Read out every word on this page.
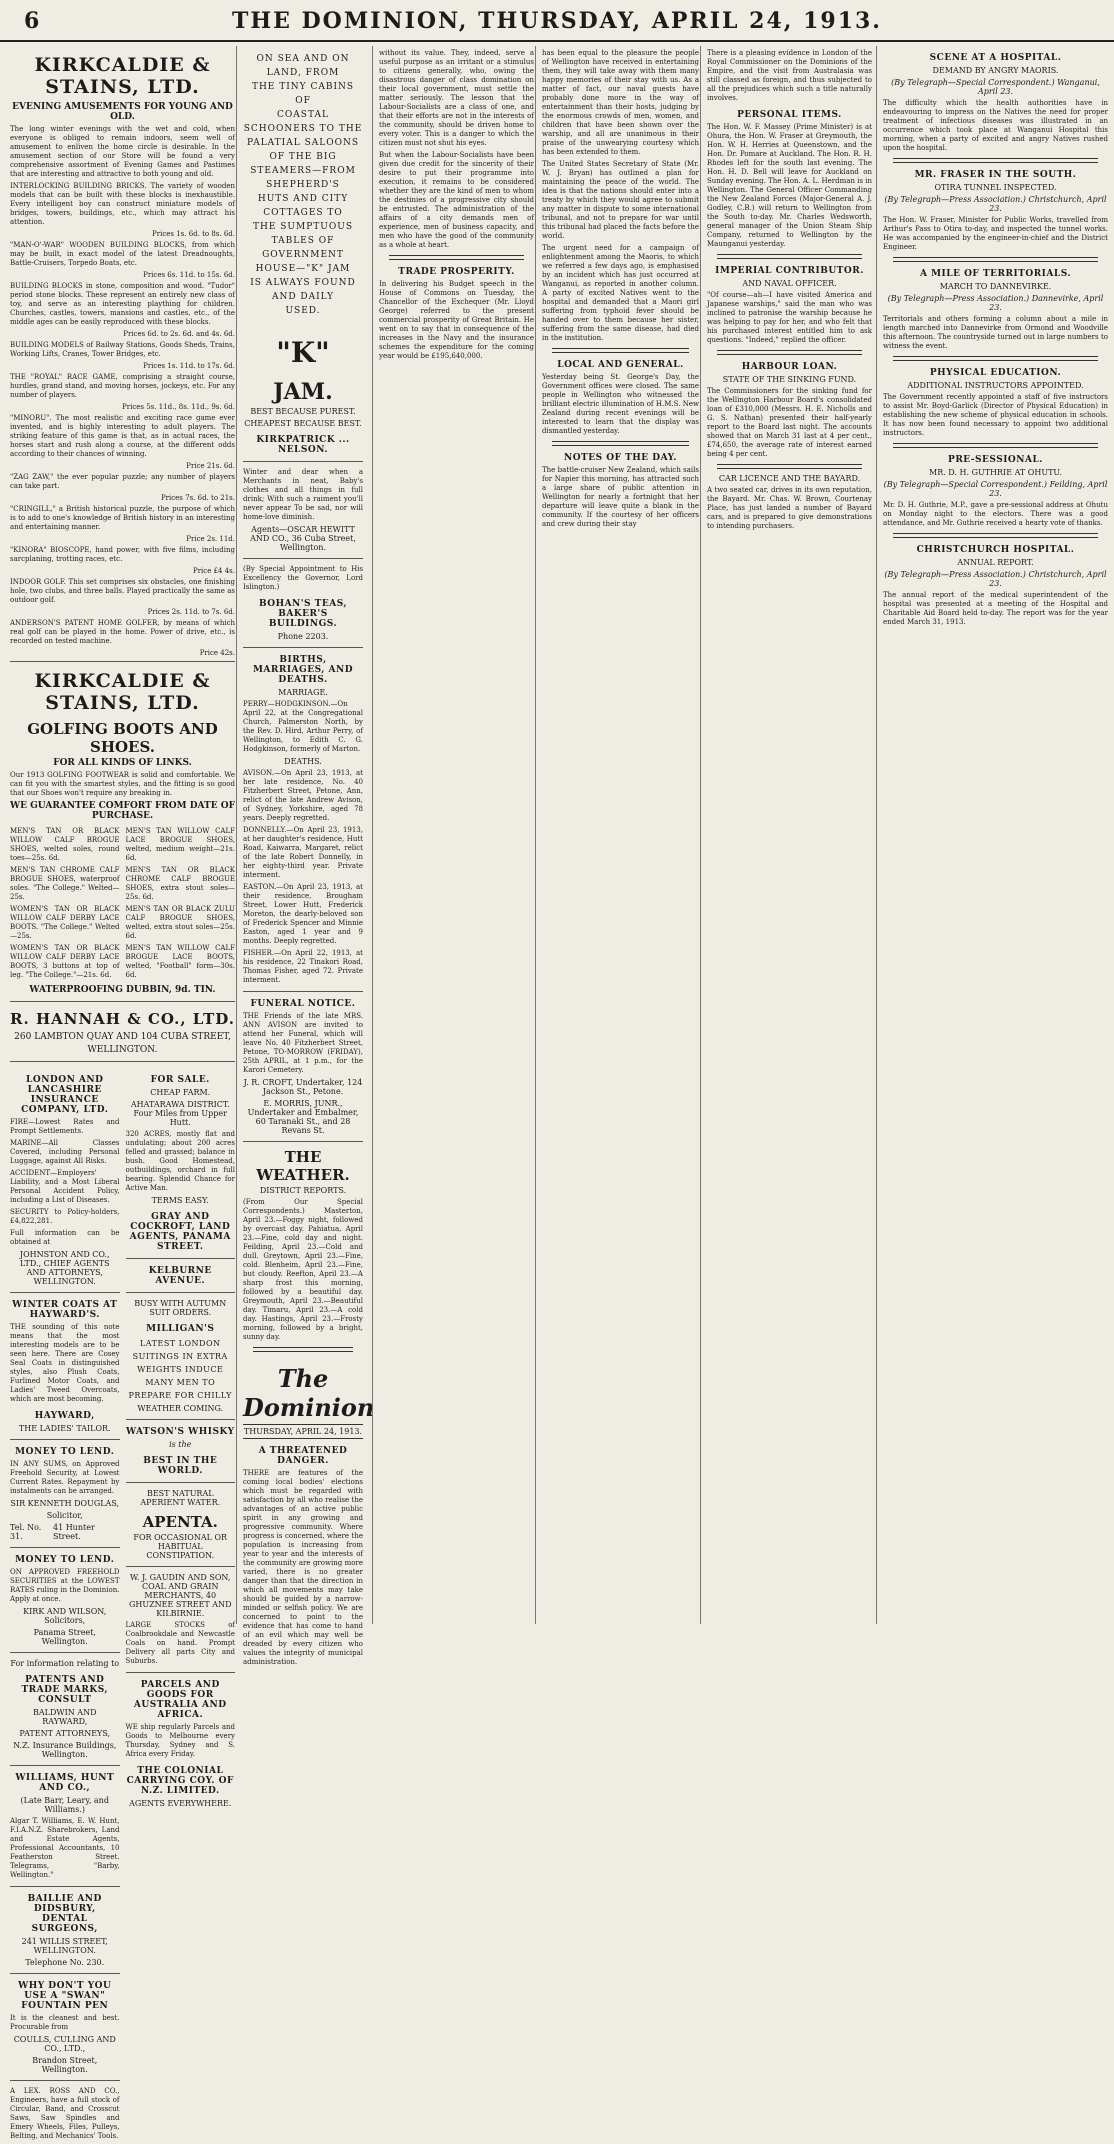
6	THE DOMINION, THURSDAY, APRIL 24, 1913.
KIRKCALDIE & STAINS, LTD.
EVENING AMUSEMENTS FOR YOUNG AND OLD.
The long winter evenings with the wet and cold, when everyone is obliged to remain indoors, seem well of amusement to enliven the home circle is desirable. In the amusement section of our Store will be found a very comprehensive assortment of Evening Games and Pastimes that are interesting and attractive to both young and old.
INTERLOCKING BUILDING BRICKS. The variety of wooden models that can be built with these blocks is inexhaustible. Every intelligent boy can construct miniature models of bridges, towers, buildings, etc., which may attract his attention.
Prices 1s. 6d. to 8s. 6d.
"MAN-O'-WAR" WOODEN BUILDING BLOCKS, from which may be built, in exact model of the latest Dreadnoughts, Battle-Cruisers, Torpedo Boats, etc.
Prices 6s. 11d. to 15s. 6d.
BUILDING BLOCKS in stone, composition and wood. "Tudor" period stone blocks. These represent an entirely new class of toy, and serve as an interesting plaything for children. Churches, castles, towers, mansions and castles, etc., of the middle ages can be easily reproduced with these blocks.
Prices 6d. to 2s. 6d. and 4s. 6d.
BUILDING MODELS of Railway Stations, Goods Sheds, Trains, Working Lifts, Cranes, Tower Bridges, etc.
Prices 1s. 11d. to 17s. 6d.
THE "ROYAL" RACE GAME, comprising a straight course, hurdles, grand stand, and moving horses, jockeys, etc. For any number of players.
Prices 5s. 11d., 8s. 11d., 9s. 6d.
"MINORU". The most realistic and exciting race game ever invented, and is highly interesting to adult players. The striking feature of this game is that, as in actual races, the horses start and rush along a course, at the different odds according to their chances of winning.
Price 21s. 6d.
"ZAG ZAW," the ever popular puzzle; any number of players can take part.
Prices 7s. 6d. to 21s.
"CRINGILL," a British historical puzzle, the purpose of which is to add to one's knowledge of British history in an interesting and entertaining manner.
Price 2s. 11d.
"KINORA" BIOSCOPE, hand power, with five films, including sarcplaning, trotting races, etc.
Price £4 4s.
INDOOR GOLF. This set comprises six obstacles, one finishing hole, two clubs, and three balls. Played practically the same as outdoor golf.
Prices 2s. 11d. to 7s. 6d.
ANDERSON'S PATENT HOME GOLFER, by means of which real golf can be played in the home. Power of drive, etc., is recorded on tested machine.
Price 42s.
KIRKCALDIE & STAINS, LTD.
GOLFING BOOTS AND SHOES.
FOR ALL KINDS OF LINKS.
Our 1913 GOLFING FOOTWEAR is solid and comfortable. We can fit you with the smartest styles, and the fitting is so good that our Shoes won't require any breaking in.
WE GUARANTEE COMFORT FROM DATE OF PURCHASE.
MEN'S TAN OR BLACK WILLOW CALF BROGUE SHOES, welted soles, round toes—25s. 6d.
MEN'S TAN CHROME CALF BROGUE SHOES, waterproof soles. "The College." Welted—25s.
WOMEN'S TAN OR BLACK WILLOW CALF DERBY LACE BOOTS. "The College." Welted—25s.
WOMEN'S TAN OR BLACK WILLOW CALF DERBY LACE BOOTS, 3 buttons at top of leg. "The College."—21s. 6d.
MEN'S TAN WILLOW CALF LACE BROGUE SHOES, welted, medium weight—21s. 6d.
MEN'S TAN OR BLACK CHROME CALF BROGUE SHOES, extra stout soles—25s. 6d.
MEN'S TAN OR BLACK ZULU CALF BROGUE SHOES, welted, extra stout soles—25s. 6d.
MEN'S TAN WILLOW CALF BROGUE LACE BOOTS, welted, "Football" form—30s. 6d.
WATERPROOFING DUBBIN, 9d. TIN.
R. HANNAH & CO., LTD.
260 LAMBTON QUAY AND 104 CUBA STREET,
WELLINGTON.
LONDON AND LANCASHIRE INSURANCE COMPANY, LTD.
FIRE—Lowest Rates and Prompt Settlements.
MARINE—All Classes Covered, including Personal Luggage, against All Risks.
ACCIDENT—Employers' Liability, and a Most Liberal Personal Accident Policy, including a List of Diseases.
SECURITY to Policy-holders, £4,822,281.
Full information can be obtained at
JOHNSTON AND CO., LTD., CHIEF AGENTS AND ATTORNEYS, WELLINGTON.
WINTER COATS AT HAYWARD'S.
THE sounding of this note means that the most interesting models are to be seen here. There are Cosey Seal Coats in distinguished styles, also Plush Coats, Furlined Motor Coats, and Ladies' Tweed Overcoats, which are most becoming.
HAYWARD,
THE LADIES' TAILOR.
MONEY TO LEND.
IN ANY SUMS, on Approved Freehold Security, at Lowest Current Rates. Repayment by instalments can be arranged.
SIR KENNETH DOUGLAS,
Solicitor,
Tel. No. 31.
41 Hunter Street.
MONEY TO LEND.
ON APPROVED FREEHOLD SECURITIES at the LOWEST RATES ruling in the Dominion. Apply at once.
KIRK AND WILSON, Solicitors,
Panama Street, Wellington.
For information relating to
PATENTS AND TRADE MARKS, CONSULT
BALDWIN AND RAYWARD,
PATENT ATTORNEYS,
N.Z. Insurance Buildings, Wellington.
WILLIAMS, HUNT AND CO.,
(Late Barr, Leary, and Williams.)
Algar T. Williams, E. W. Hunt, F.I.A.N.Z. Sharebrokers, Land and Estate Agents, Professional Accountants, 10 Featherston Street. Telegrams, "Barby, Wellington."
BAILLIE AND DIDSBURY, DENTAL SURGEONS,
241 WILLIS STREET, WELLINGTON.
Telephone No. 230.
WHY DON'T YOU USE A "SWAN" FOUNTAIN PEN
It is the cleanest and best. Procurable from
COULLS, CULLING AND CO., LTD.,
Brandon Street, Wellington.
A LEX. ROSS AND CO., Engineers, have a full stock of Circular, Band, and Crosscut Saws, Saw Spindles and Emery Wheels, Files, Pulleys, Belting, and Mechanics' Tools.
FOR SALE.
CHEAP FARM.
AHATARAWA DISTRICT. Four Miles from Upper Hutt.
320 ACRES, mostly flat and undulating; about 200 acres felled and grassed; balance in bush. Good Homestead, outbuildings, orchard in full bearing. Splendid Chance for Active Man.
TERMS EASY.
GRAY AND COCKROFT, LAND AGENTS, PANAMA STREET.
KELBURNE AVENUE.
BUSY WITH AUTUMN SUIT ORDERS.
MILLIGAN'S
LATEST LONDON SUITINGS IN EXTRA WEIGHTS INDUCE MANY MEN TO PREPARE FOR CHILLY
WEATHER COMING.
WATSON'S WHISKY
is the
BEST IN THE WORLD.
BEST NATURAL APERIENT WATER.
APENTA.
FOR OCCASIONAL OR HABITUAL CONSTIPATION.
W. J. GAUDIN AND SON, COAL AND GRAIN MERCHANTS, 40 GHUZNEE STREET AND KILBIRNIE.
LARGE STOCKS of Coalbrookdale and Newcastle Coals on hand. Prompt Delivery all parts City and Suburbs.
PARCELS AND GOODS FOR AUSTRALIA AND AFRICA.
WE ship regularly Parcels and Goods to Melbourne every Thursday, Sydney and S. Africa every Friday.
THE COLONIAL CARRYING COY. OF N.Z. LIMITED.
AGENTS EVERYWHERE.
ON SEA AND ON LAND, FROM
THE TINY CABINS OF
COASTAL SCHOONERS TO THE
PALATIAL SALOONS OF THE BIG
STEAMERS—FROM SHEPHERD'S
HUTS AND CITY COTTAGES TO
THE SUMPTUOUS TABLES OF
GOVERNMENT HOUSE—"K" JAM
IS ALWAYS FOUND AND DAILY
USED.
"K"
JAM.
BEST BECAUSE PUREST.
CHEAPEST BECAUSE BEST.
KIRKPATRICK ... NELSON.
Winter and dear when a Merchants in neat, Baby's clothes and all things in full drink; With such a raiment you'll never appear To be sad, nor will home-love diminish.
Agents—OSCAR HEWITT AND CO., 36 Cuba Street, Wellington.
(By Special Appointment to His Excellency the Governor, Lord Islington.)
BOHAN'S TEAS, BAKER'S BUILDINGS.
Phone 2203.
BIRTHS, MARRIAGES, AND DEATHS.
MARRIAGE.
PERRY—HODGKINSON.—On April 22, at the Congregational Church, Palmerston North, by the Rev. D. Hird, Arthur Perry, of Wellington, to Edith C. G. Hodgkinson, formerly of Marton.
DEATHS.
AVISON.—On April 23, 1913, at her late residence, No. 40 Fitzherbert Street, Petone, Ann, relict of the late Andrew Avison, of Sydney, Yorkshire, aged 78 years. Deeply regretted.
DONNELLY.—On April 23, 1913, at her daughter's residence, Hutt Road, Kaiwarra, Margaret, relict of the late Robert Donnelly, in her eighty-third year. Private interment.
EASTON.—On April 23, 1913, at their residence, Brougham Street, Lower Hutt, Frederick Moreton, the dearly-beloved son of Frederick Spencer and Minnie Easton, aged 1 year and 9 months. Deeply regretted.
FISHER.—On April 22, 1913, at his residence, 22 Tinakori Road, Thomas Fisher, aged 72. Private interment.
FUNERAL NOTICE.
THE Friends of the late MRS. ANN AVISON are invited to attend her Funeral, which will leave No. 40 Fitzherbert Street, Petone, TO-MORROW (FRIDAY), 25th APRIL, at 1 p.m., for the Karori Cemetery.
J. R. CROFT, Undertaker, 124 Jackson St., Petone.
E. MORRIS, JUNR., Undertaker and Embalmer, 60 Taranaki St., and 28 Revans St.
THE WEATHER.
DISTRICT REPORTS.
(From Our Special Correspondents.) Masterton, April 23.—Foggy night, followed by overcast day. Pahiatua, April 23.—Fine, cold day and night. Feilding, April 23.—Cold and dull. Greytown, April 23.—Fine, cold. Blenheim, April 23.—Fine, but cloudy. Reefton, April 23.—A sharp frost this morning, followed by a beautiful day. Greymouth, April 23.—Beautiful day. Timaru, April 23.—A cold day. Hastings, April 23.—Frosty morning, followed by a bright, sunny day.
The Dominion
THURSDAY, APRIL 24, 1913.
A THREATENED DANGER.
THERE are features of the coming local bodies' elections which must be regarded with satisfaction by all who realise the advantages of an active public spirit in any growing and progressive community. Where progress is concerned, where the population is increasing from year to year and the interests of the community are growing more varied, there is no greater danger than that the direction in which all movements may take should be guided by a narrow-minded or selfish policy. We are concerned to point to the evidence that has come to hand of an evil which may well be dreaded by every citizen who values the integrity of municipal administration.
without its value. They, indeed, serve a useful purpose as an irritant or a stimulus to citizens generally, who, owing the disastrous danger of class domination on their local government, must settle the matter seriously. The lesson that the Labour-Socialists are a class of one, and that their efforts are not in the interests of the community, should be driven home to every voter. This is a danger to which the citizen must not shut his eyes.
But when the Labour-Socialists have been given due credit for the sincerity of their desire to put their programme into execution, it remains to be considered whether they are the kind of men to whom the destinies of a progressive city should be entrusted. The administration of the affairs of a city demands men of experience, men of business capacity, and men who have the good of the community as a whole at heart.
TRADE PROSPERITY.
In delivering his Budget speech in the House of Commons on Tuesday, the Chancellor of the Exchequer (Mr. Lloyd George) referred to the present commercial prosperity of Great Britain. He went on to say that in consequence of the increases in the Navy and the insurance schemes the expenditure for the coming year would be £195,640,000.
has been equal to the pleasure the people of Wellington have received in entertaining them, they will take away with them many happy memories of their stay with us. As a matter of fact, our naval guests have probably done more in the way of entertainment than their hosts, judging by the enormous crowds of men, women, and children that have been shown over the warship, and all are unanimous in their praise of the unwearying courtesy which has been extended to them.
The United States Secretary of State (Mr. W. J. Bryan) has outlined a plan for maintaining the peace of the world. The idea is that the nations should enter into a treaty by which they would agree to submit any matter in dispute to some international tribunal, and not to prepare for war until this tribunal had placed the facts before the world.
The urgent need for a campaign of enlightenment among the Maoris, to which we referred a few days ago, is emphasised by an incident which has just occurred at Wanganui, as reported in another column. A party of excited Natives went to the hospital and demanded that a Maori girl suffering from typhoid fever should be handed over to them because her sister, suffering from the same disease, had died in the institution.
LOCAL AND GENERAL.
Yesterday being St. George's Day, the Government offices were closed. The same people in Wellington who witnessed the brilliant electric illumination of H.M.S. New Zealand during recent evenings will be interested to learn that the display was dismantled yesterday.
NOTES OF THE DAY.
The battle-cruiser New Zealand, which sails for Napier this morning, has attracted such a large share of public attention in Wellington for nearly a fortnight that her departure will leave quite a blank in the community. If the courtesy of her officers and crew during their stay
There is a pleasing evidence in London of the Royal Commissioner on the Dominions of the Empire, and the visit from Australasia was still classed as foreign, and thus subjected to all the prejudices which such a title naturally involves.
PERSONAL ITEMS.
The Hon. W. F. Massey (Prime Minister) is at Ohura, the Hon. W. Fraser at Greymouth, the Hon. W. H. Herries at Queenstown, and the Hon. Dr. Pomare at Auckland. The Hon. R. H. Rhodes left for the south last evening. The Hon. H. D. Bell will leave for Auckland on Sunday evening. The Hon. A. L. Herdman is in Wellington. The General Officer Commanding the New Zealand Forces (Major-General A. J. Godley, C.B.) will return to Wellington from the South to-day. Mr. Charles Wedsworth, general manager of the Union Steam Ship Company, returned to Wellington by the Maunganui yesterday.
IMPERIAL CONTRIBUTOR.
AND NAVAL OFFICER.
"Of course—ah—I have visited America and Japanese warships," said the man who was inclined to patronise the warship because he was helping to pay for her, and who felt that his purchased interest entitled him to ask questions. "Indeed," replied the officer.
HARBOUR LOAN.
STATE OF THE SINKING FUND.
The Commissioners for the sinking fund for the Wellington Harbour Board's consolidated loan of £310,000 (Messrs. H. E. Nicholls and G. S. Nathan) presented their half-yearly report to the Board last night. The accounts showed that on March 31 last at 4 per cent., £74,650, the average rate of interest earned being 4 per cent.
CAR LICENCE AND THE BAYARD.
A two seated car, drives in its own reputation, the Bayard. Mr. Chas. W. Brown, Courtenay Place, has just landed a number of Bayard cars, and is prepared to give demonstrations to intending purchasers.
SCENE AT A HOSPITAL.
DEMAND BY ANGRY MAORIS.
(By Telegraph—Special Correspondent.) Wanganui, April 23.
The difficulty which the health authorities have in endeavouring to impress on the Natives the need for proper treatment of infectious diseases was illustrated in an occurrence which took place at Wanganui Hospital this morning, when a party of excited and angry Natives rushed upon the hospital.
MR. FRASER IN THE SOUTH.
OTIRA TUNNEL INSPECTED.
(By Telegraph—Press Association.) Christchurch, April 23.
The Hon. W. Fraser, Minister for Public Works, travelled from Arthur's Pass to Otira to-day, and inspected the tunnel works. He was accompanied by the engineer-in-chief and the District Engineer.
A MILE OF TERRITORIALS.
MARCH TO DANNEVIRKE.
(By Telegraph—Press Association.) Dannevirke, April 23.
Territorials and others forming a column about a mile in length marched into Dannevirke from Ormond and Woodville this afternoon. The countryside turned out in large numbers to witness the event.
PHYSICAL EDUCATION.
ADDITIONAL INSTRUCTORS APPOINTED.
The Government recently appointed a staff of five instructors to assist Mr. Boyd-Garlick (Director of Physical Education) in establishing the new scheme of physical education in schools. It has now been found necessary to appoint two additional instructors.
PRE-SESSIONAL.
MR. D. H. GUTHRIE AT OHUTU.
(By Telegraph—Special Correspondent.) Feilding, April 23.
Mr. D. H. Guthrie, M.P., gave a pre-sessional address at Ohutu on Monday night to the electors. There was a good attendance, and Mr. Guthrie received a hearty vote of thanks.
CHRISTCHURCH HOSPITAL.
ANNUAL REPORT.
(By Telegraph—Press Association.) Christchurch, April 23.
The annual report of the medical superintendent of the hospital was presented at a meeting of the Hospital and Charitable Aid Board held to-day. The report was for the year ended March 31, 1913.
